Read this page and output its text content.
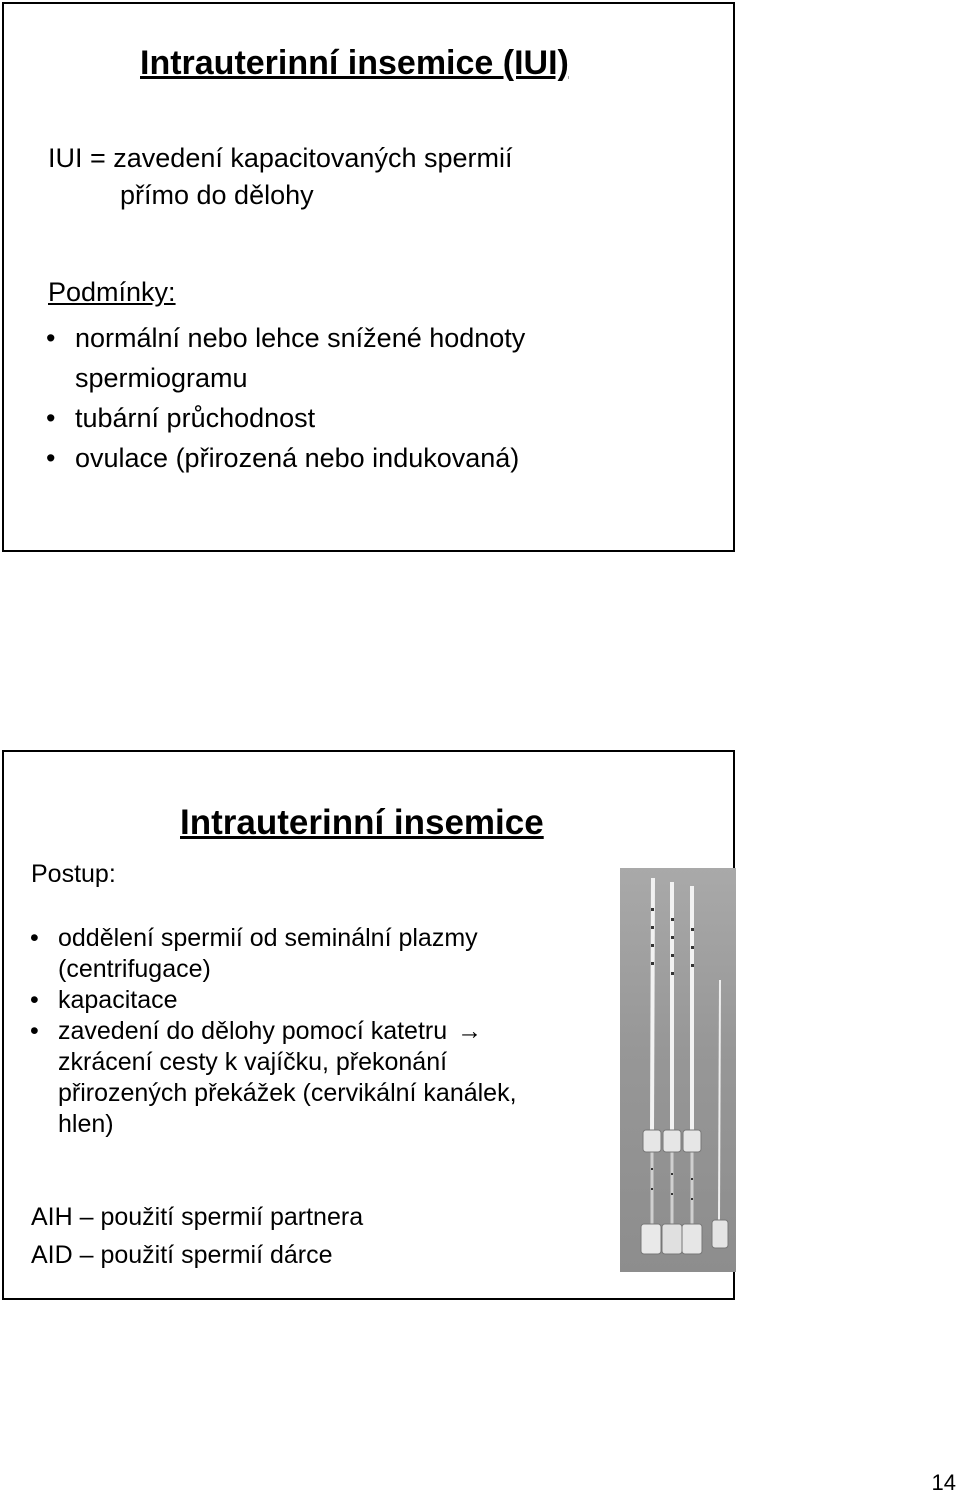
Intrauterinní insemice (IUI)
IUI = zavedení kapacitovaných spermií
přímo do dělohy
Podmínky:
• normální nebo lehce snížené hodnoty
spermiogramu
• tubární průchodnost
• ovulace (přirozená nebo indukovaná)
Intrauterinní insemice
Postup:
• oddělení spermií od seminální plazmy
(centrifugace)
• kapacitace
• zavedení do dělohy pomocí katetru →
zkrácení cesty k vajíčku, překonání
přirozených překážek (cervikální kanálek,
hlen)
AIH – použití spermií partnera
AID – použití spermií dárce
14
